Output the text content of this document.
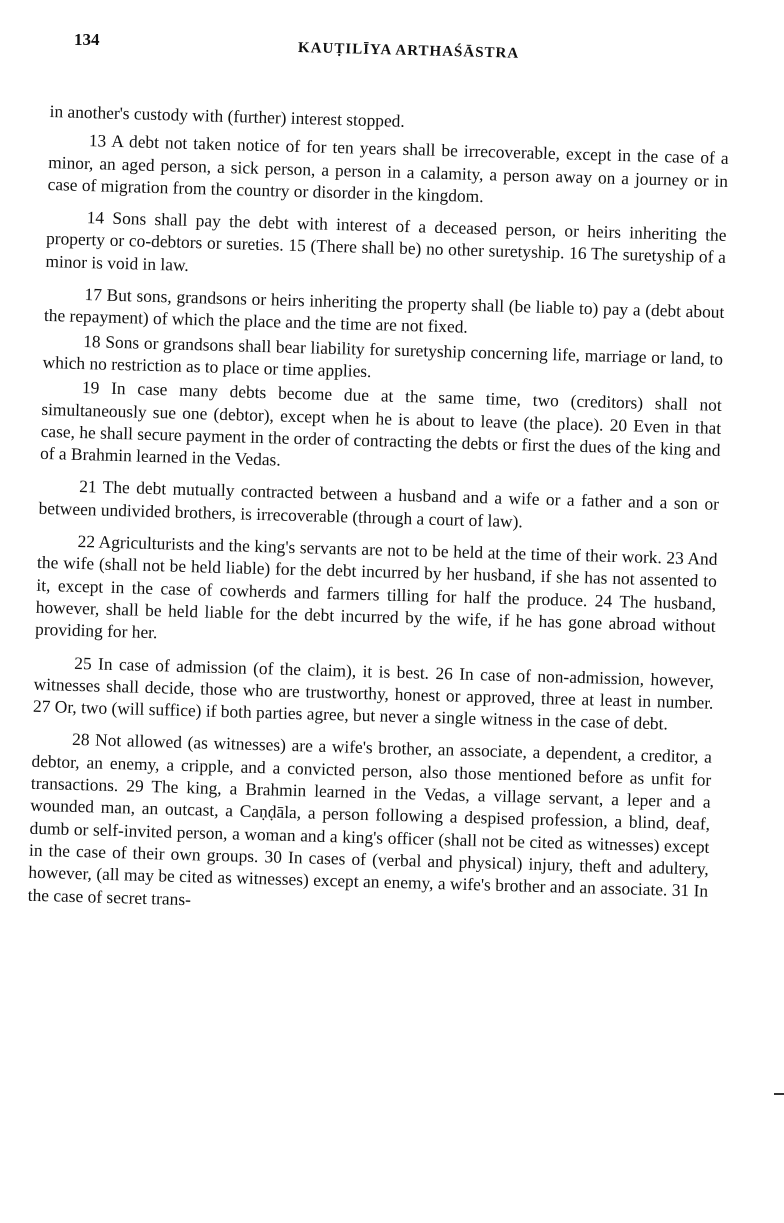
134
KAUṬILĪYA ARTHAŚĀSTRA

in another's custody with (further) interest stopped.

13 A debt not taken notice of for ten years shall be irrecoverable, except in the case of a minor, an aged person, a sick person, a person in a calamity, a person away on a journey or in case of migration from the country or disorder in the kingdom.

14 Sons shall pay the debt with interest of a deceased person, or heirs inheriting the property or co-debtors or sureties. 15 (There shall be) no other suretyship. 16 The suretyship of a minor is void in law.

17 But sons, grandsons or heirs inheriting the property shall (be liable to) pay a (debt about the repayment) of which the place and the time are not fixed.

18 Sons or grandsons shall bear liability for suretyship concerning life, marriage or land, to which no restriction as to place or time applies.

19 In case many debts become due at the same time, two (creditors) shall not simultaneously sue one (debtor), except when he is about to leave (the place). 20 Even in that case, he shall secure payment in the order of contracting the debts or first the dues of the king and of a Brahmin learned in the Vedas.

21 The debt mutually contracted between a husband and a wife or a father and a son or between undivided brothers, is irrecoverable (through a court of law).

22 Agriculturists and the king's servants are not to be held at the time of their work. 23 And the wife (shall not be held liable) for the debt incurred by her husband, if she has not assented to it, except in the case of cowherds and farmers tilling for half the produce. 24 The husband, however, shall be held liable for the debt incurred by the wife, if he has gone abroad without providing for her.

25 In case of admission (of the claim), it is best. 26 In case of non-admission, however, witnesses shall decide, those who are trustworthy, honest or approved, three at least in number. 27 Or, two (will suffice) if both parties agree, but never a single witness in the case of debt.

28 Not allowed (as witnesses) are a wife's brother, an associate, a dependent, a creditor, a debtor, an enemy, a cripple, and a convicted person, also those mentioned before as unfit for transactions. 29 The king, a Brahmin learned in the Vedas, a village servant, a leper and a wounded man, an outcast, a Caṇḍāla, a person following a despised profession, a blind, deaf, dumb or self-invited person, a woman and a king's officer (shall not be cited as witnesses) except in the case of their own groups. 30 In cases of (verbal and physical) injury, theft and adultery, however, (all may be cited as witnesses) except an enemy, a wife's brother and an associate. 31 In the case of secret trans-
